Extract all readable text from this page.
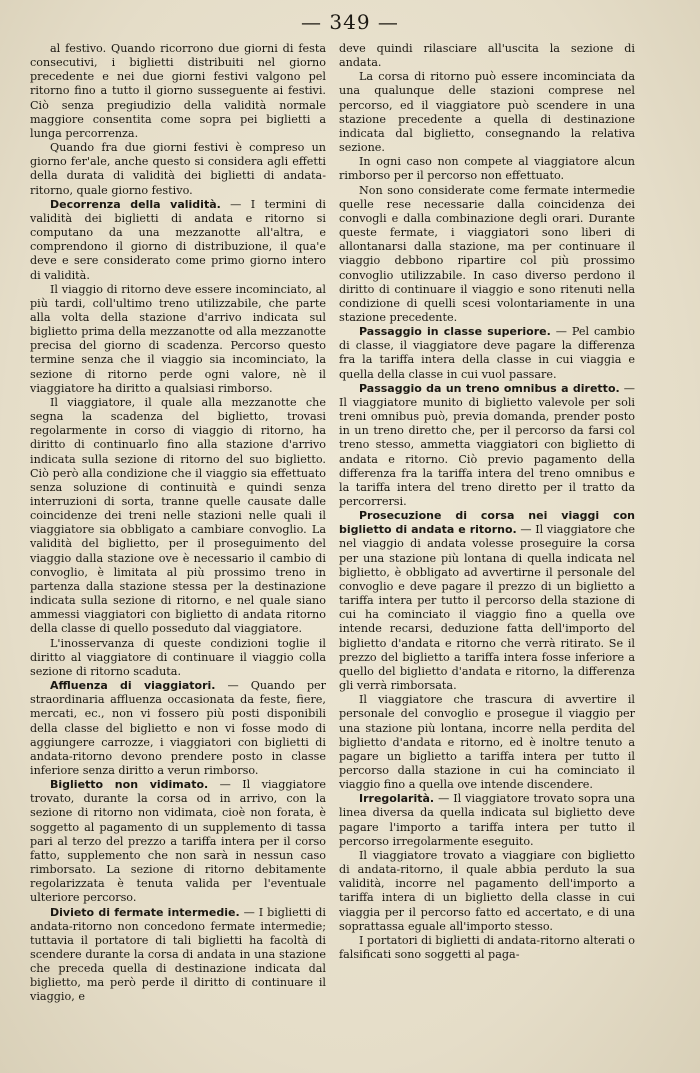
— 349 —

al festivo. Quando ricorrono due giorni di festa consecutivi, i biglietti distribuiti nel giorno precedente e nei due giorni festivi valgono pel ritorno fino a tutto il giorno susseguente ai festivi. Ciò senza pregiudizio della validità normale maggiore consentita come sopra pei biglietti a lunga percorrenza.

Quando fra due giorni festivi è compreso un giorno fer'ale, anche questo si considera agli effetti della durata di validità dei biglietti di andata-ritorno, quale giorno festivo.

Decorrenza della validità. — I termini di validità dei biglietti di andata e ritorno si computano da una mezzanotte all'altra, e comprendono il giorno di distribuzione, il qua'e deve e sere considerato come primo giorno intero di validità.

Il viaggio di ritorno deve essere incominciato, al più tardi, coll'ultimo treno utilizzabile, che parte alla volta della stazione d'arrivo indicata sul biglietto prima della mezzanotte od alla mezzanotte precisa del giorno di scadenza. Percorso questo termine senza che il viaggio sia incominciato, la sezione di ritorno perde ogni valore, nè il viaggiatore ha diritto a qualsiasi rimborso.

Il viaggiatore, il quale alla mezzanotte che segna la scadenza del biglietto, trovasi regolarmente in corso di viaggio di ritorno, ha diritto di continuarlo fino alla stazione d'arrivo indicata sulla sezione di ritorno del suo biglietto. Ciò però alla condizione che il viaggio sia effettuato senza soluzione di continuità e quindi senza interruzioni di sorta, tranne quelle causate dalle coincidenze dei treni nelle stazioni nelle quali il viaggiatore sia obbligato a cambiare convoglio. La validità del biglietto, per il proseguimento del viaggio dalla stazione ove è necessario il cambio di convoglio, è limitata al più prossimo treno in partenza dalla stazione stessa per la destinazione indicata sulla sezione di ritorno, e nel quale siano ammessi viaggiatori con biglietto di andata ritorno della classe di quello posseduto dal viaggiatore.

L'inosservanza di queste condizioni toglie il diritto al viaggiatore di continuare il viaggio colla sezione di ritorno scaduta.

Affluenza di viaggiatori. — Quando per straordinaria affluenza occasionata da feste, fiere, mercati, ec., non vi fossero più posti disponibili della classe del biglietto e non vi fosse modo di aggiungere carrozze, i viaggiatori con biglietti di andata-ritorno devono prendere posto in classe inferiore senza diritto a verun rimborso.

Biglietto non vidimato. — Il viaggiatore trovato, durante la corsa od in arrivo, con la sezione di ritorno non vidimata, cioè non forata, è soggetto al pagamento di un supplemento di tassa pari al terzo del prezzo a tariffa intera per il corso fatto, supplemento che non sarà in nessun caso rimborsato. La sezione di ritorno debitamente regolarizzata è tenuta valida per l'eventuale ulteriore percorso.

Divieto di fermate intermedie. — I biglietti di andata-ritorno non concedono fermate intermedie; tuttavia il portatore di tali biglietti ha facoltà di scendere durante la corsa di andata in una stazione che preceda quella di destinazione indicata dal biglietto, ma però perde il diritto di continuare il viaggio, e

deve quindi rilasciare all'uscita la sezione di andata.

La corsa di ritorno può essere incominciata da una qualunque delle stazioni comprese nel percorso, ed il viaggiatore può scendere in una stazione precedente a quella di destinazione indicata dal biglietto, consegnando la relativa sezione.

In ogni caso non compete al viaggiatore alcun rimborso per il percorso non effettuato.

Non sono considerate come fermate intermedie quelle rese necessarie dalla coincidenza dei convogli e dalla combinazione degli orari. Durante queste fermate, i viaggiatori sono liberi di allontanarsi dalla stazione, ma per continuare il viaggio debbono ripartire col più prossimo convoglio utilizzabile. In caso diverso perdono il diritto di continuare il viaggio e sono ritenuti nella condizione di quelli scesi volontariamente in una stazione precedente.

Passaggio in classe superiore. — Pel cambio di classe, il viaggiatore deve pagare la differenza fra la tariffa intera della classe in cui viaggia e quella della classe in cui vuol passare.

Passaggio da un treno omnibus a diretto. — Il viaggiatore munito di biglietto valevole per soli treni omnibus può, previa domanda, prender posto in un treno diretto che, per il percorso da farsi col treno stesso, ammetta viaggiatori con biglietto di andata e ritorno. Ciò previo pagamento della differenza fra la tariffa intera del treno omnibus e la tariffa intera del treno diretto per il tratto da percorrersi.

Prosecuzione di corsa nei viaggi con biglietto di andata e ritorno. — Il viaggiatore che nel viaggio di andata volesse proseguire la corsa per una stazione più lontana di quella indicata nel biglietto, è obbligato ad avvertirne il personale del convoglio e deve pagare il prezzo di un biglietto a tariffa intera per tutto il percorso della stazione di cui ha cominciato il viaggio fino a quella ove intende recarsi, deduzione fatta dell'importo del biglietto d'andata e ritorno che verrà ritirato. Se il prezzo del biglietto a tariffa intera fosse inferiore a quello del biglietto d'andata e ritorno, la differenza gli verrà rimborsata.

Il viaggiatore che trascura di avvertire il personale del convoglio e prosegue il viaggio per una stazione più lontana, incorre nella perdita del biglietto d'andata e ritorno, ed è inoltre tenuto a pagare un biglietto a tariffa intera per tutto il percorso dalla stazione in cui ha cominciato il viaggio fino a quella ove intende discendere.

Irregolarità. — Il viaggiatore trovato sopra una linea diversa da quella indicata sul biglietto deve pagare l'importo a tariffa intera per tutto il percorso irregolarmente eseguito.

Il viaggiatore trovato a viaggiare con biglietto di andata-ritorno, il quale abbia perduto la sua validità, incorre nel pagamento dell'importo a tariffa intera di un biglietto della classe in cui viaggia per il percorso fatto ed accertato, e di una soprattassa eguale all'importo stesso.

I portatori di biglietti di andata-ritorno alterati o falsificati sono soggetti al paga-
